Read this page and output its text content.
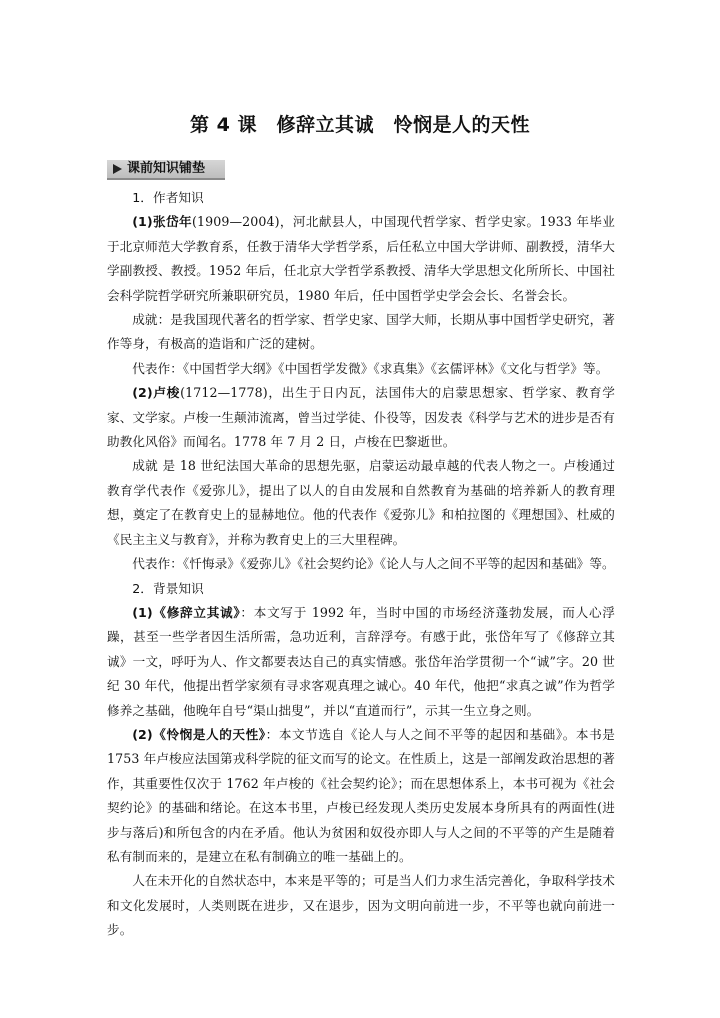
第 4 课　修辞立其诚　怜悯是人的天性
课前知识铺垫

1．作者知识

(1)张岱年(1909—2004)，河北献县人，中国现代哲学家、哲学史家。1933 年毕业于北京师范大学教育系，任教于清华大学哲学系，后任私立中国大学讲师、副教授，清华大学副教授、教授。1952 年后，任北京大学哲学系教授、清华大学思想文化所所长、中国社会科学院哲学研究所兼职研究员，1980 年后，任中国哲学史学会会长、名誉会长。

成就：是我国现代著名的哲学家、哲学史家、国学大师，长期从事中国哲学史研究，著作等身，有极高的造诣和广泛的建树。

代表作：《中国哲学大纲》《中国哲学发微》《求真集》《玄儒评林》《文化与哲学》等。

(2)卢梭(1712—1778)，出生于日内瓦，法国伟大的启蒙思想家、哲学家、教育学家、文学家。卢梭一生颠沛流离，曾当过学徒、仆役等，因发表《科学与艺术的进步是否有助教化风俗》而闻名。1778 年 7 月 2 日，卢梭在巴黎逝世。

成就 是 18 世纪法国大革命的思想先驱，启蒙运动最卓越的代表人物之一。卢梭通过教育学代表作《爱弥儿》，提出了以人的自由发展和自然教育为基础的培养新人的教育理想，奠定了在教育史上的显赫地位。他的代表作《爱弥儿》和柏拉图的《理想国》、杜威的《民主主义与教育》，并称为教育史上的三大里程碑。

代表作：《忏悔录》《爱弥儿》《社会契约论》《论人与人之间不平等的起因和基础》等。

2．背景知识

(1)《修辞立其诚》：本文写于 1992 年，当时中国的市场经济蓬勃发展，而人心浮躁，甚至一些学者因生活所需，急功近利，言辞浮夸。有感于此，张岱年写了《修辞立其诚》一文，呼吁为人、作文都要表达自己的真实情感。张岱年治学贯彻一个“诚”字。20 世纪 30 年代，他提出哲学家须有寻求客观真理之诚心。40 年代，他把“求真之诚”作为哲学修养之基础，他晚年自号“渠山拙叟”，并以“直道而行”，示其一生立身之则。

(2)《怜悯是人的天性》：本文节选自《论人与人之间不平等的起因和基础》。本书是 1753 年卢梭应法国第戎科学院的征文而写的论文。在性质上，这是一部阐发政治思想的著作，其重要性仅次于 1762 年卢梭的《社会契约论》；而在思想体系上，本书可视为《社会契约论》的基础和绪论。在这本书里，卢梭已经发现人类历史发展本身所具有的两面性(进步与落后)和所包含的内在矛盾。他认为贫困和奴役亦即人与人之间的不平等的产生是随着私有制而来的，是建立在私有制确立的唯一基础上的。

人在未开化的自然状态中，本来是平等的；可是当人们力求生活完善化，争取科学技术和文化发展时，人类则既在进步，又在退步，因为文明向前进一步，不平等也就向前进一步。
